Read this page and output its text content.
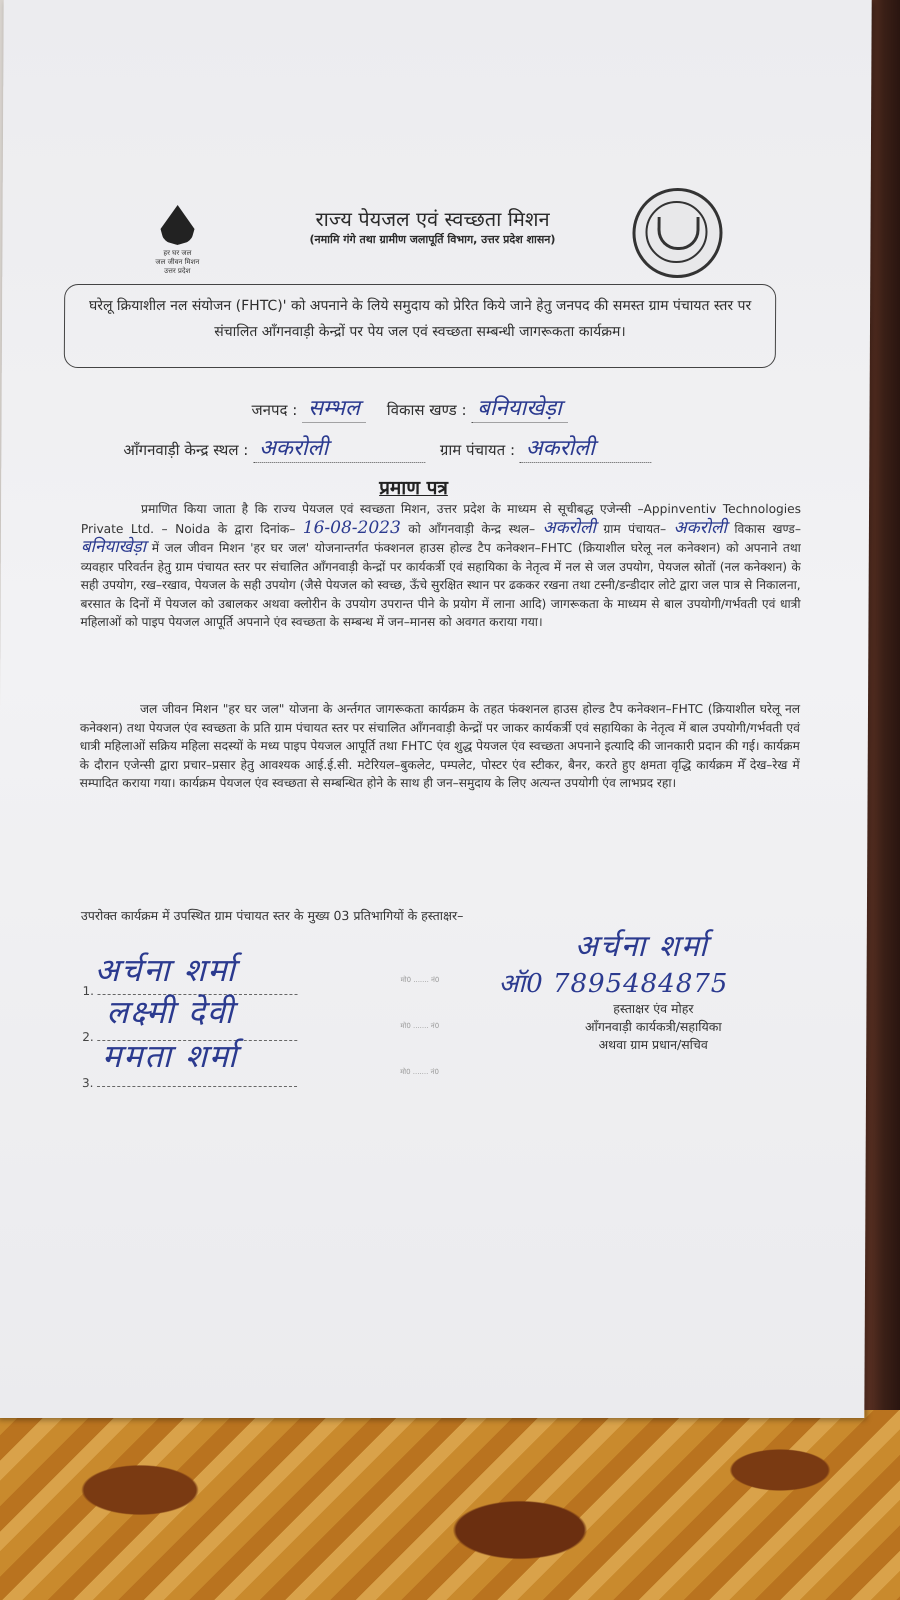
हर घर जल
जल जीवन मिशन
उत्तर प्रदेश
राज्य पेयजल एवं स्वच्छता मिशन
(नमामि गंगे तथा ग्रामीण जलापूर्ति विभाग, उत्तर प्रदेश शासन)
घरेलू क्रियाशील नल संयोजन (FHTC)' को अपनाने के लिये समुदाय को प्रेरित किये जाने हेतु जनपद की समस्त ग्राम पंचायत स्तर पर संचालित आँगनवाड़ी केन्द्रों पर पेय जल एवं स्वच्छता सम्बन्धी जागरूकता कार्यक्रम।
जनपद : सम्भल विकास खण्ड : बनियाखेड़ा
आँगनवाड़ी केन्द्र स्थल : अकरोली	ग्राम पंचायत : अकरोली
प्रमाण पत्र
प्रमाणित किया जाता है कि राज्य पेयजल एवं स्वच्छता मिशन, उत्तर प्रदेश के माध्यम से सूचीबद्ध एजेन्सी –Appinventiv Technologies Private Ltd. – Noida के द्वारा दिनांक– 16-08-2023 को आँगनवाड़ी केन्द्र स्थल– अकरोली ग्राम पंचायत– अकरोली विकास खण्ड– बनियाखेड़ा में जल जीवन मिशन 'हर घर जल' योजनान्तर्गत फंक्शनल हाउस होल्ड टैप कनेक्शन–FHTC (क्रियाशील घरेलू नल कनेक्शन) को अपनाने तथा व्यवहार परिवर्तन हेतु ग्राम पंचायत स्तर पर संचालित आँगनवाड़ी केन्द्रों पर कार्यकर्त्री एवं सहायिका के नेतृत्व में नल से जल उपयोग, पेयजल स्रोतों (नल कनेक्शन) के सही उपयोग, रख–रखाव, पेयजल के सही उपयोग (जैसे पेयजल को स्वच्छ, ऊँचे सुरक्षित स्थान पर ढककर रखना तथा टस्नी/डन्डीदार लोटे द्वारा जल पात्र से निकालना, बरसात के दिनों में पेयजल को उबालकर अथवा क्लोरीन के उपयोग उपरान्त पीने के प्रयोग में लाना आदि) जागरूकता के माध्यम से बाल उपयोगी/गर्भवती एवं धात्री महिलाओं को पाइप पेयजल आपूर्ति अपनाने एंव स्वच्छता के सम्बन्ध में जन–मानस को अवगत कराया गया।
जल जीवन मिशन "हर घर जल" योजना के अर्न्तगत जागरूकता कार्यक्रम के तहत फंक्शनल हाउस होल्ड टैप कनेक्शन–FHTC (क्रियाशील घरेलू नल कनेक्शन) तथा पेयजल एंव स्वच्छता के प्रति ग्राम पंचायत स्तर पर संचालित आँगनवाड़ी केन्द्रों पर जाकर कार्यकर्त्री एवं सहायिका के नेतृत्व में बाल उपयोगी/गर्भवती एवं धात्री महिलाओं सक्रिय महिला सदस्यों के मध्य पाइप पेयजल आपूर्ति तथा FHTC एंव शुद्ध पेयजल एंव स्वच्छता अपनाने इत्यादि की जानकारी प्रदान की गई। कार्यक्रम के दौरान एजेन्सी द्वारा प्रचार–प्रसार हेतु आवश्यक आई.ई.सी. मटेरियल–बुकलेट, पम्पलेट, पोस्टर एंव स्टीकर, बैनर, करते हुए क्षमता वृद्धि कार्यक्रम मेँ देख–रेख में सम्पादित कराया गया। कार्यक्रम पेयजल एंव स्वच्छता से सम्बन्धित होने के साथ ही जन–समुदाय के लिए अत्यन्त उपयोगी एंव लाभप्रद रहा।
उपरोक्त कार्यक्रम में उपस्थित ग्राम पंचायत स्तर के मुख्य 03 प्रतिभागियों के हस्ताक्षर–
1.
अर्चना शर्मा	मो0 ....... नं0
2.
लक्ष्मी देवी	मो0 ....... नं0
3.
ममता शर्मा	मो0 ....... नं0
अर्चना शर्मा
ऑ0 7895484875
हस्ताक्षर एंव मोहर
आँगनवाड़ी कार्यकत्री/सहायिका
अथवा ग्राम प्रधान/सचिव
